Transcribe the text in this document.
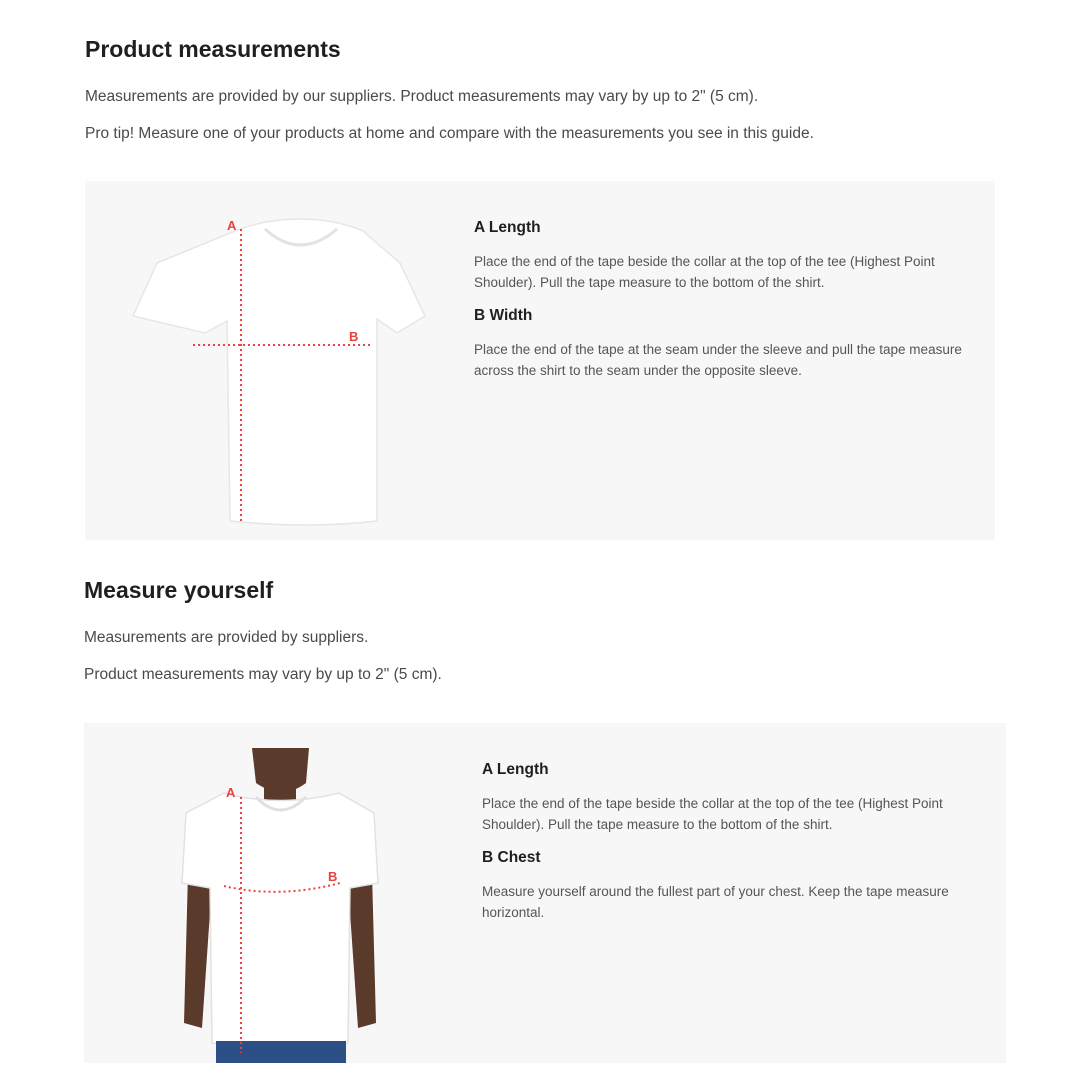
Product measurements

Measurements are provided by our suppliers. Product measurements may vary by up to 2" (5 cm).

Pro tip! Measure one of your products at home and compare with the measurements you see in this guide.

A
B
A Length
Place the end of the tape beside the collar at the top of the tee (Highest Point Shoulder). Pull the tape measure to the bottom of the shirt.
B Width
Place the end of the tape at the seam under the sleeve and pull the tape measure across the shirt to the seam under the opposite sleeve.
Measure yourself

Measurements are provided by suppliers.

Product measurements may vary by up to 2" (5 cm).

A
B
A Length
Place the end of the tape beside the collar at the top of the tee (Highest Point Shoulder). Pull the tape measure to the bottom of the shirt.
B Chest
Measure yourself around the fullest part of your chest. Keep the tape measure horizontal.
